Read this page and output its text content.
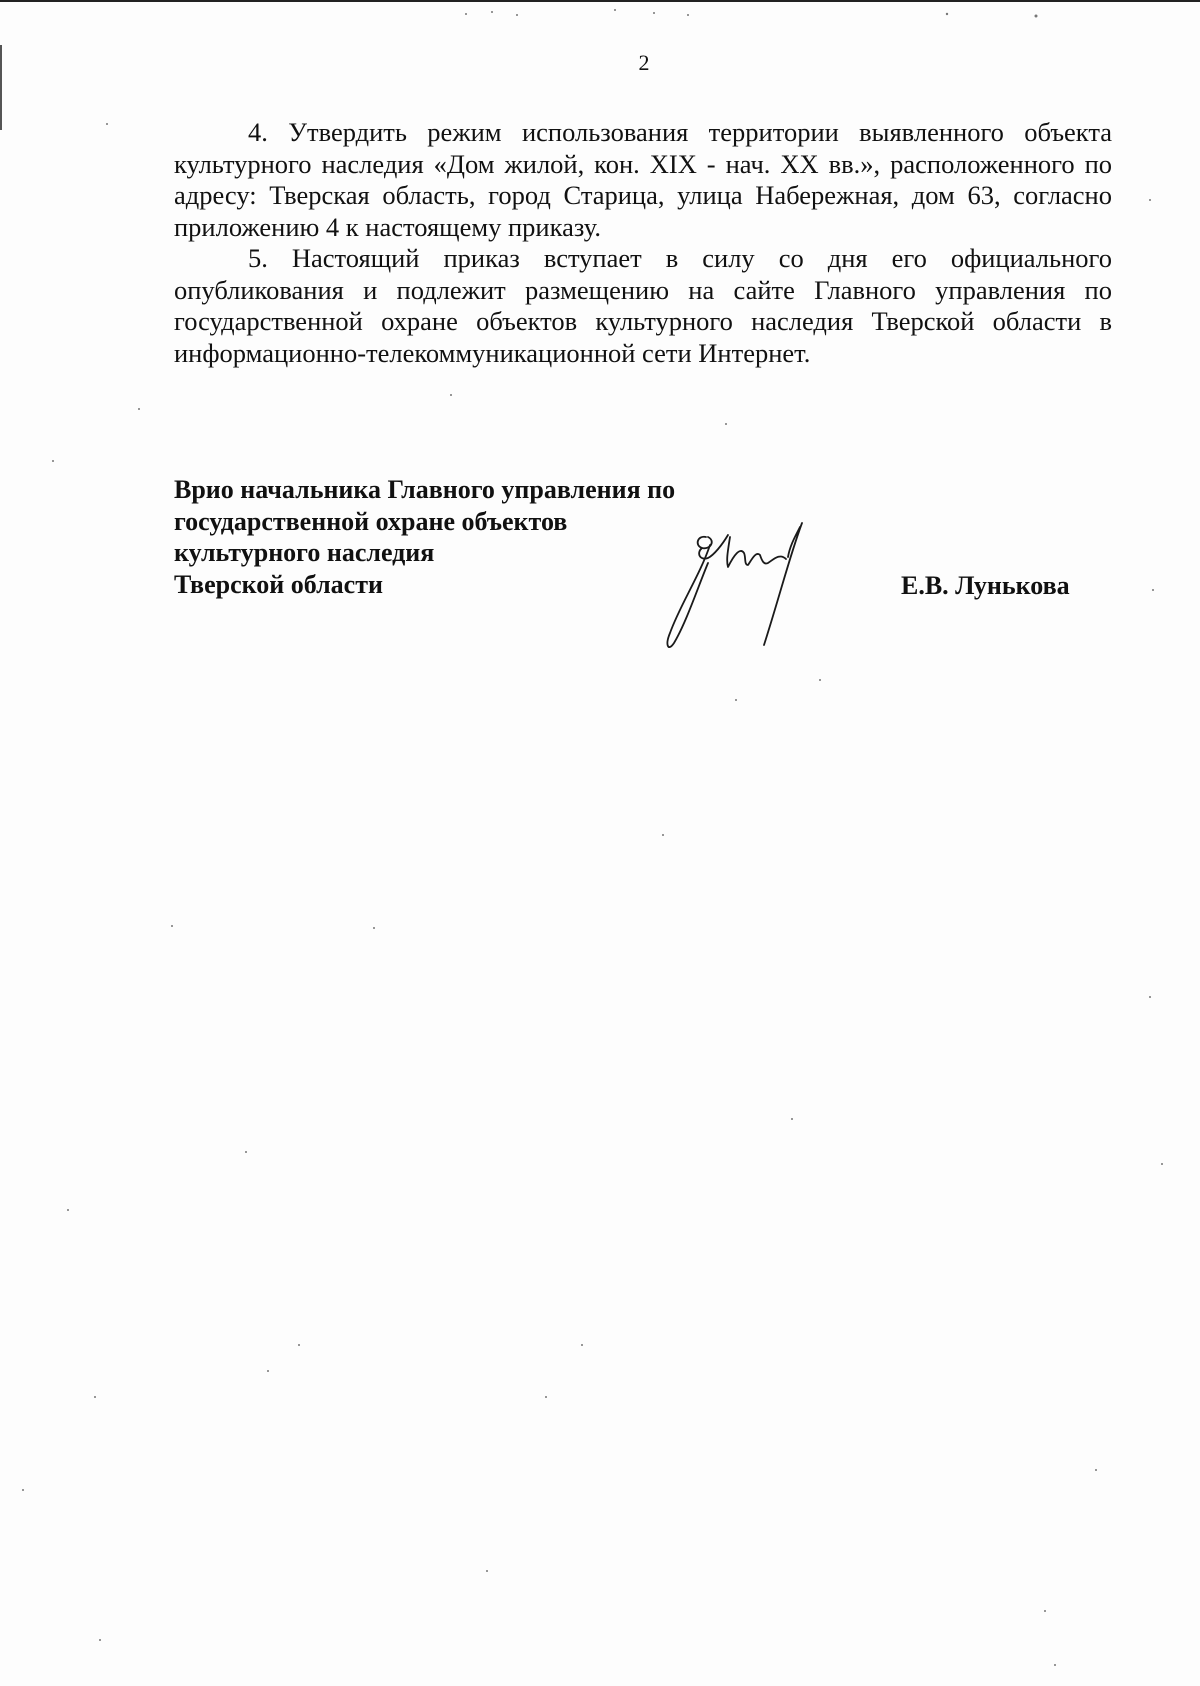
2

4. Утвердить режим использования территории выявленного объекта культурного наследия «Дом жилой, кон. XIX - нач. XX вв.», расположенного по адресу: Тверская область, город Старица, улица Набережная, дом 63, согласно приложению 4 к настоящему приказу.

5. Настоящий приказ вступает в силу со дня его официального опубликования и подлежит размещению на сайте Главного управления по государственной охране объектов культурного наследия Тверской области в информационно-телекоммуникационной сети Интернет.

Врио начальника Главного управления по
государственной охране объектов
культурного наследия
Тверской области	Е.В. Лунькова
